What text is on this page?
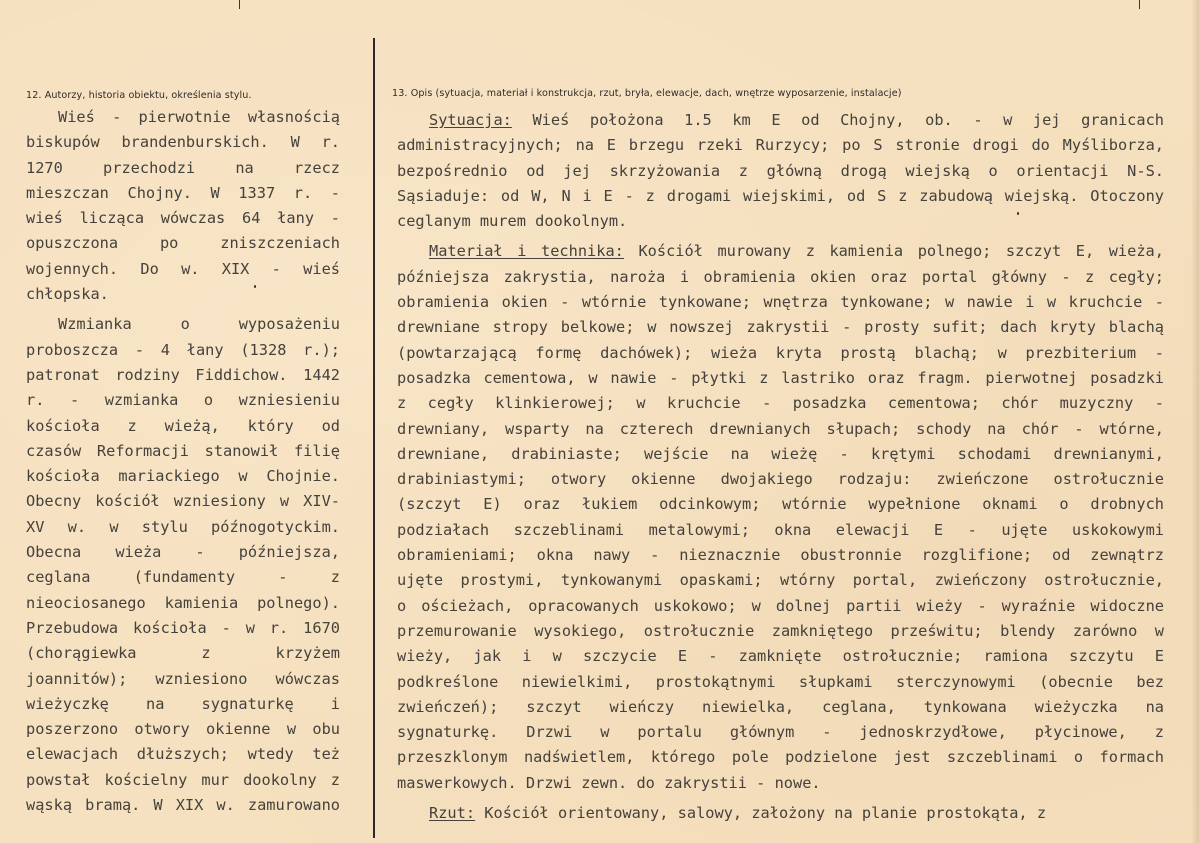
12. Autorzy, historia obiektu, określenia stylu.	13. Opis (sytuacja, materiał i konstrukcja, rzut, bryła, elewacje, dach, wnętrze wyposarzenie, instalacje)
Wieś - pierwotnie własnością
biskupów brandenburskich. W r.
1270 przechodzi na rzecz
mieszczan Chojny. W 1337 r. -
wieś licząca wówczas 64 łany -
opuszczona po zniszczeniach
wojennych. Do w. XIX - wieś
chłopska.
Wzmianka o wyposażeniu
proboszcza - 4 łany (1328 r.);
patronat rodziny Fiddichow. 1442
r. - wzmianka o wzniesieniu
kościoła z wieżą, który od
czasów Reformacji stanowił filię
kościoła mariackiego w Chojnie.
Obecny kościół wzniesiony w XIV-
XV w. w stylu późnogotyckim.
Obecna wieża - późniejsza,
ceglana (fundamenty - z
nieociosanego kamienia polnego).
Przebudowa kościoła - w r. 1670
(chorągiewka z krzyżem
joannitów); wzniesiono wówczas
wieżyczkę na sygnaturkę i
poszerzono otwory okienne w obu
elewacjach dłuższych; wtedy też
powstał kościelny mur dookolny z
wąską bramą. W XIX w. zamurowano
Sytuacja: Wieś położona 1.5 km E od Chojny, ob. - w jej granicach
administracyjnych; na E brzegu rzeki Rurzycy; po S stronie drogi do Myśliborza,
bezpośrednio od jej skrzyżowania z główną drogą wiejską o orientacji N-S.
Sąsiaduje: od W, N i E - z drogami wiejskimi, od S z zabudową wiejską. Otoczony
ceglanym murem dookolnym.
Materiał i technika: Kościół murowany z kamienia polnego; szczyt E, wieża,
późniejsza zakrystia, naroża i obramienia okien oraz portal główny - z cegły;
obramienia okien - wtórnie tynkowane; wnętrza tynkowane; w nawie i w kruchcie -
drewniane stropy belkowe; w nowszej zakrystii - prosty sufit; dach kryty blachą
(powtarzającą formę dachówek); wieża kryta prostą blachą; w prezbiterium -
posadzka cementowa, w nawie - płytki z lastriko oraz fragm. pierwotnej posadzki
z cegły klinkierowej; w kruchcie - posadzka cementowa; chór muzyczny -
drewniany, wsparty na czterech drewnianych słupach; schody na chór - wtórne,
drewniane, drabiniaste; wejście na wieżę - krętymi schodami drewnianymi,
drabiniastymi; otwory okienne dwojakiego rodzaju: zwieńczone ostrołucznie
(szczyt E) oraz łukiem odcinkowym; wtórnie wypełnione oknami o drobnych
podziałach szczeblinami metalowymi; okna elewacji E - ujęte uskokowymi
obramieniami; okna nawy - nieznacznie obustronnie rozglifione; od zewnątrz
ujęte prostymi, tynkowanymi opaskami; wtórny portal, zwieńczony ostrołucznie,
o ościeżach, opracowanych uskokowo; w dolnej partii wieży - wyraźnie widoczne
przemurowanie wysokiego, ostrołucznie zamkniętego prześwitu; blendy zarówno w
wieży, jak i w szczycie E - zamknięte ostrołucznie; ramiona szczytu E
podkreślone niewielkimi, prostokątnymi słupkami sterczynowymi (obecnie bez
zwieńczeń); szczyt wieńczy niewielka, ceglana, tynkowana wieżyczka na
sygnaturkę. Drzwi w portalu głównym - jednoskrzydłowe, płycinowe, z
przeszklonym nadświetlem, którego pole podzielone jest szczeblinami o formach
maswerkowych. Drzwi zewn. do zakrystii - nowe.
Rzut: Kościół orientowany, salowy, założony na planie prostokąta, z
